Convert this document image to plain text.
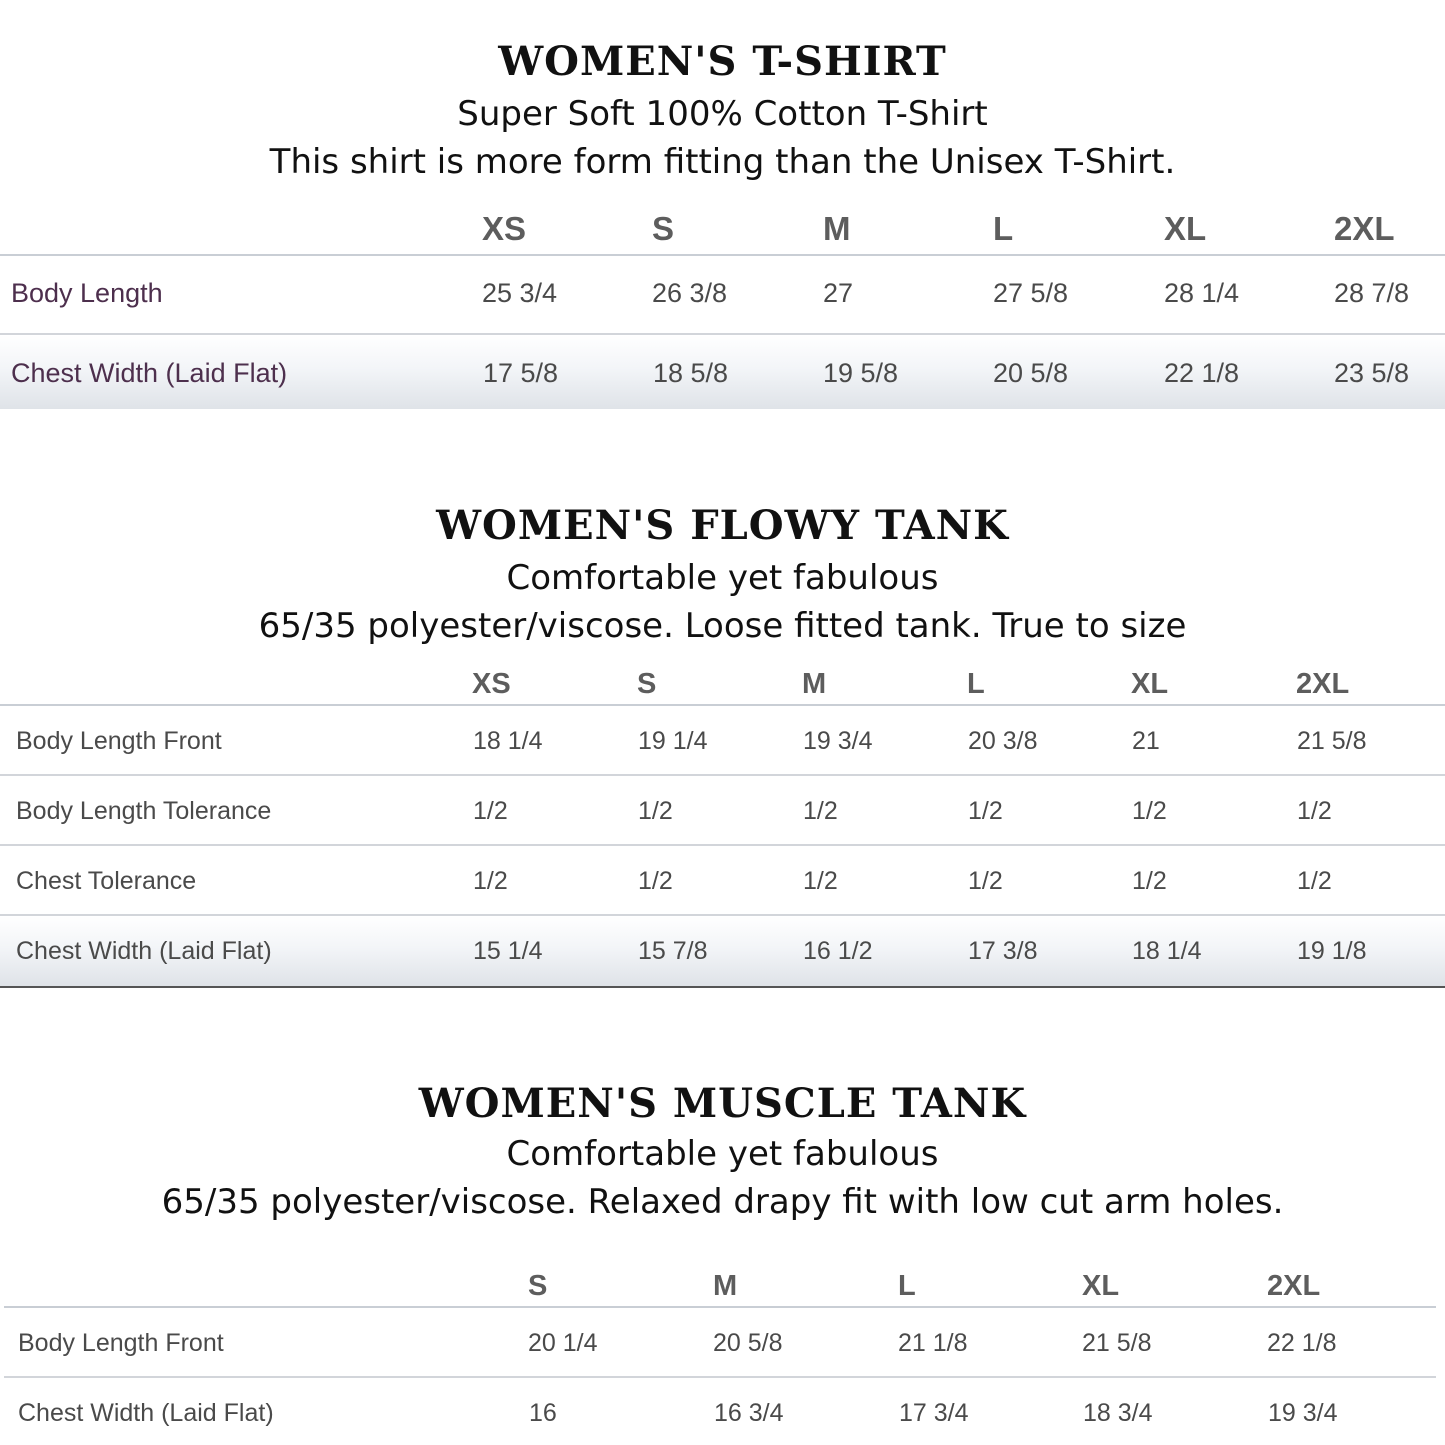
WOMEN'S T-SHIRT

Super Soft 100% Cotton T-Shirt

This shirt is more form fitting than the Unisex T-Shirt.

XS	S	M	L	XL	2XL
Body Length	25 3/4	26 3/8	27	27 5/8	28 1/4	28 7/8
Chest Width (Laid Flat)	17 5/8	18 5/8	19 5/8	20 5/8	22 1/8	23 5/8
WOMEN'S FLOWY TANK

Comfortable yet fabulous

65/35 polyester/viscose. Loose fitted tank. True to size

XS	S	M	L	XL	2XL
Body Length Front	18 1/4	19 1/4	19 3/4	20 3/8	21	21 5/8
Body Length Tolerance	1/2	1/2	1/2	1/2	1/2	1/2
Chest Tolerance	1/2	1/2	1/2	1/2	1/2	1/2
Chest Width (Laid Flat)	15 1/4	15 7/8	16 1/2	17 3/8	18 1/4	19 1/8
WOMEN'S MUSCLE TANK

Comfortable yet fabulous

65/35 polyester/viscose. Relaxed drapy fit with low cut arm holes.

S	M	L	XL	2XL
Body Length Front	20 1/4	20 5/8	21 1/8	21 5/8	22 1/8
Chest Width (Laid Flat)	16	16 3/4	17 3/4	18 3/4	19 3/4
